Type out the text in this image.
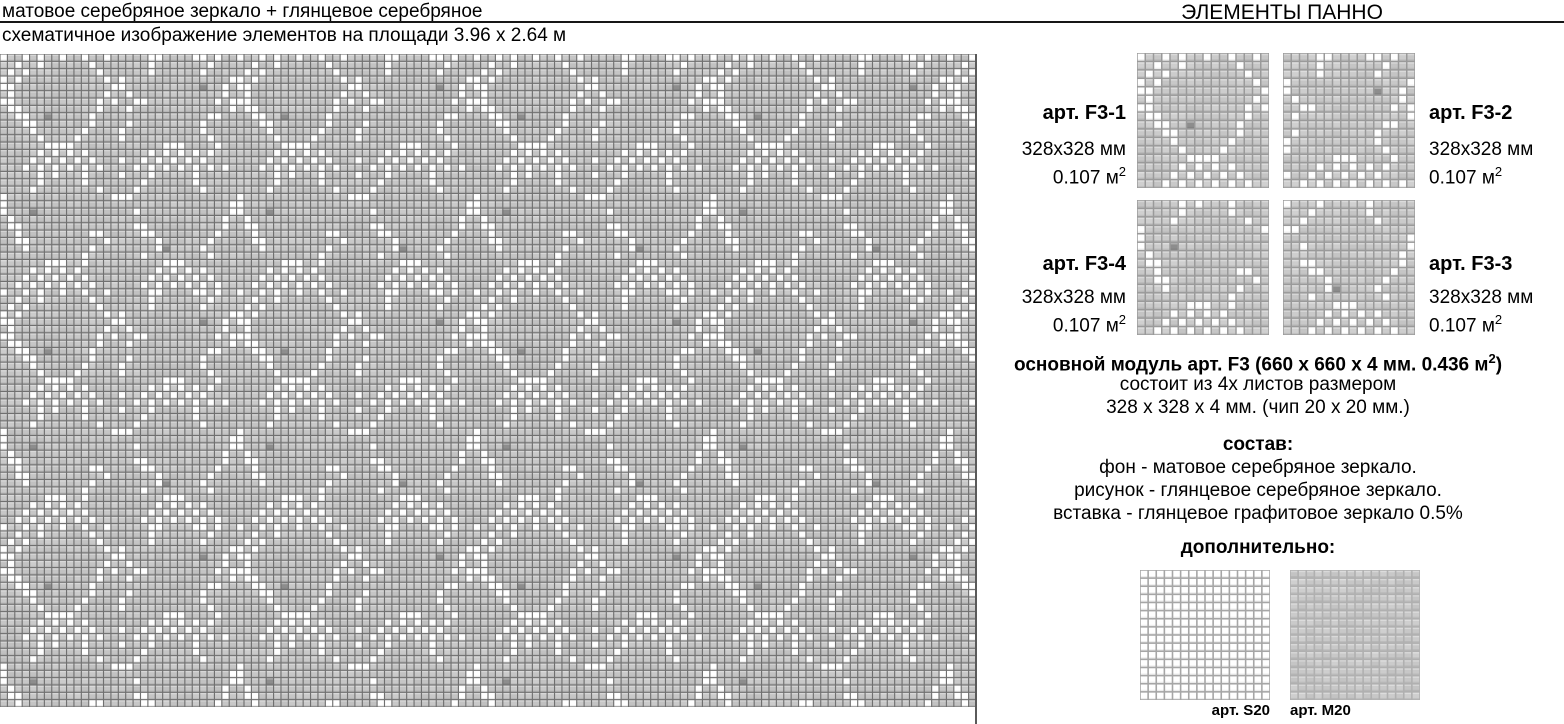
матовое серебряное зеркало + глянцевое серебряное
схематичное изображение элементов на площади 3.96 x 2.64 м
ЭЛЕМЕНТЫ ПАННО
арт. F3-1
328x328 мм
0.107 $м^2$
арт. F3-2
328x328 мм
0.107 $м^2$
арт. F3-4
328x328 мм
0.107 $м^2$
арт. F3-3
328x328 мм
0.107 $м^2$
основной модуль арт. F3 (660 x 660 x 4 мм. 0.436 $м^2$)
состоит из 4х листов размером
328 x 328 x 4 мм. (чип 20 x 20 мм.)
состав:
фон - матовое серебряное зеркало.
рисунок - глянцевое серебряное зеркало.
вставка - глянцевое графитовое зеркало 0.5%
дополнительно:
арт. S20 арт. M20
